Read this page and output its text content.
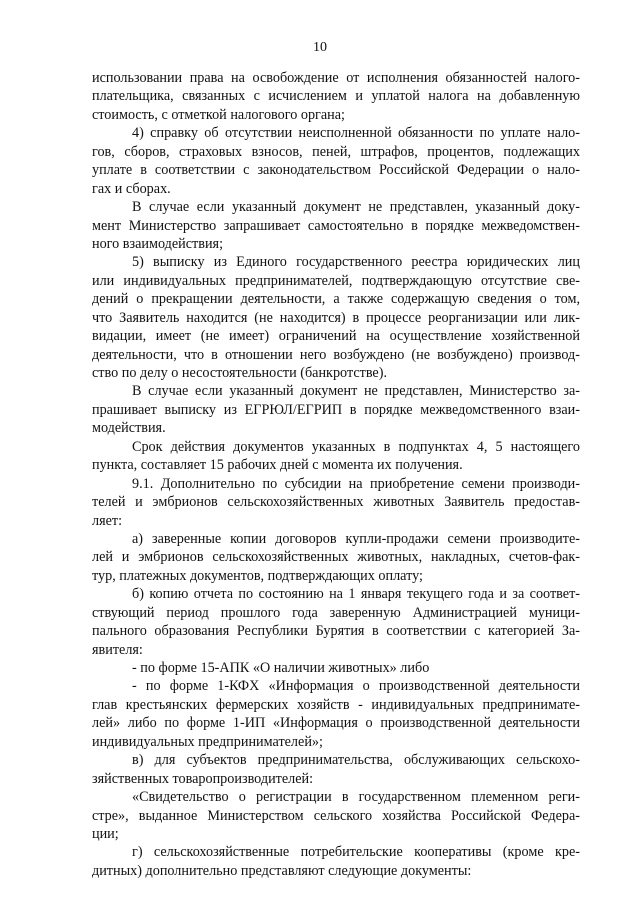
10
использовании права на освобождение от исполнения обязанностей налого-
плательщика, связанных с исчислением и уплатой налога на добавленную
стоимость, с отметкой налогового органа;
4) справку об отсутствии неисполненной обязанности по уплате нало-
гов, сборов, страховых взносов, пеней, штрафов, процентов, подлежащих
уплате в соответствии с законодательством Российской Федерации о нало-
гах и сборах.
В случае если указанный документ не представлен, указанный доку-
мент Министерство запрашивает самостоятельно в порядке межведомствен-
ного взаимодействия;
5) выписку из Единого государственного реестра юридических лиц
или индивидуальных предпринимателей, подтверждающую отсутствие све-
дений о прекращении деятельности, а также содержащую сведения о том,
что Заявитель находится (не находится) в процессе реорганизации или лик-
видации, имеет (не имеет) ограничений на осуществление хозяйственной
деятельности, что в отношении него возбуждено (не возбуждено) производ-
ство по делу о несостоятельности (банкротстве).
В случае если указанный документ не представлен, Министерство за-
прашивает выписку из ЕГРЮЛ/ЕГРИП в порядке межведомственного взаи-
модействия.
Срок действия документов указанных в подпунктах 4, 5 настоящего
пункта, составляет 15 рабочих дней с момента их получения.
9.1. Дополнительно по субсидии на приобретение семени производи-
телей и эмбрионов сельскохозяйственных животных Заявитель предостав-
ляет:
а) заверенные копии договоров купли-продажи семени производите-
лей и эмбрионов сельскохозяйственных животных, накладных, счетов-фак-
тур, платежных документов, подтверждающих оплату;
б) копию отчета по состоянию на 1 января текущего года и за соответ-
ствующий период прошлого года заверенную Администрацией муници-
пального образования Республики Бурятия в соответствии с категорией За-
явителя:
- по форме 15-АПК «О наличии животных» либо
- по форме 1-КФХ «Информация о производственной деятельности
глав крестьянских фермерских хозяйств - индивидуальных предпринимате-
лей» либо по форме 1-ИП «Информация о производственной деятельности
индивидуальных предпринимателей»;
в) для субъектов предпринимательства, обслуживающих сельскохо-
зяйственных товаропроизводителей:
«Свидетельство о регистрации в государственном племенном реги-
стре», выданное Министерством сельского хозяйства Российской Федера-
ции;
г) сельскохозяйственные потребительские кооперативы (кроме кре-
дитных) дополнительно представляют следующие документы:
